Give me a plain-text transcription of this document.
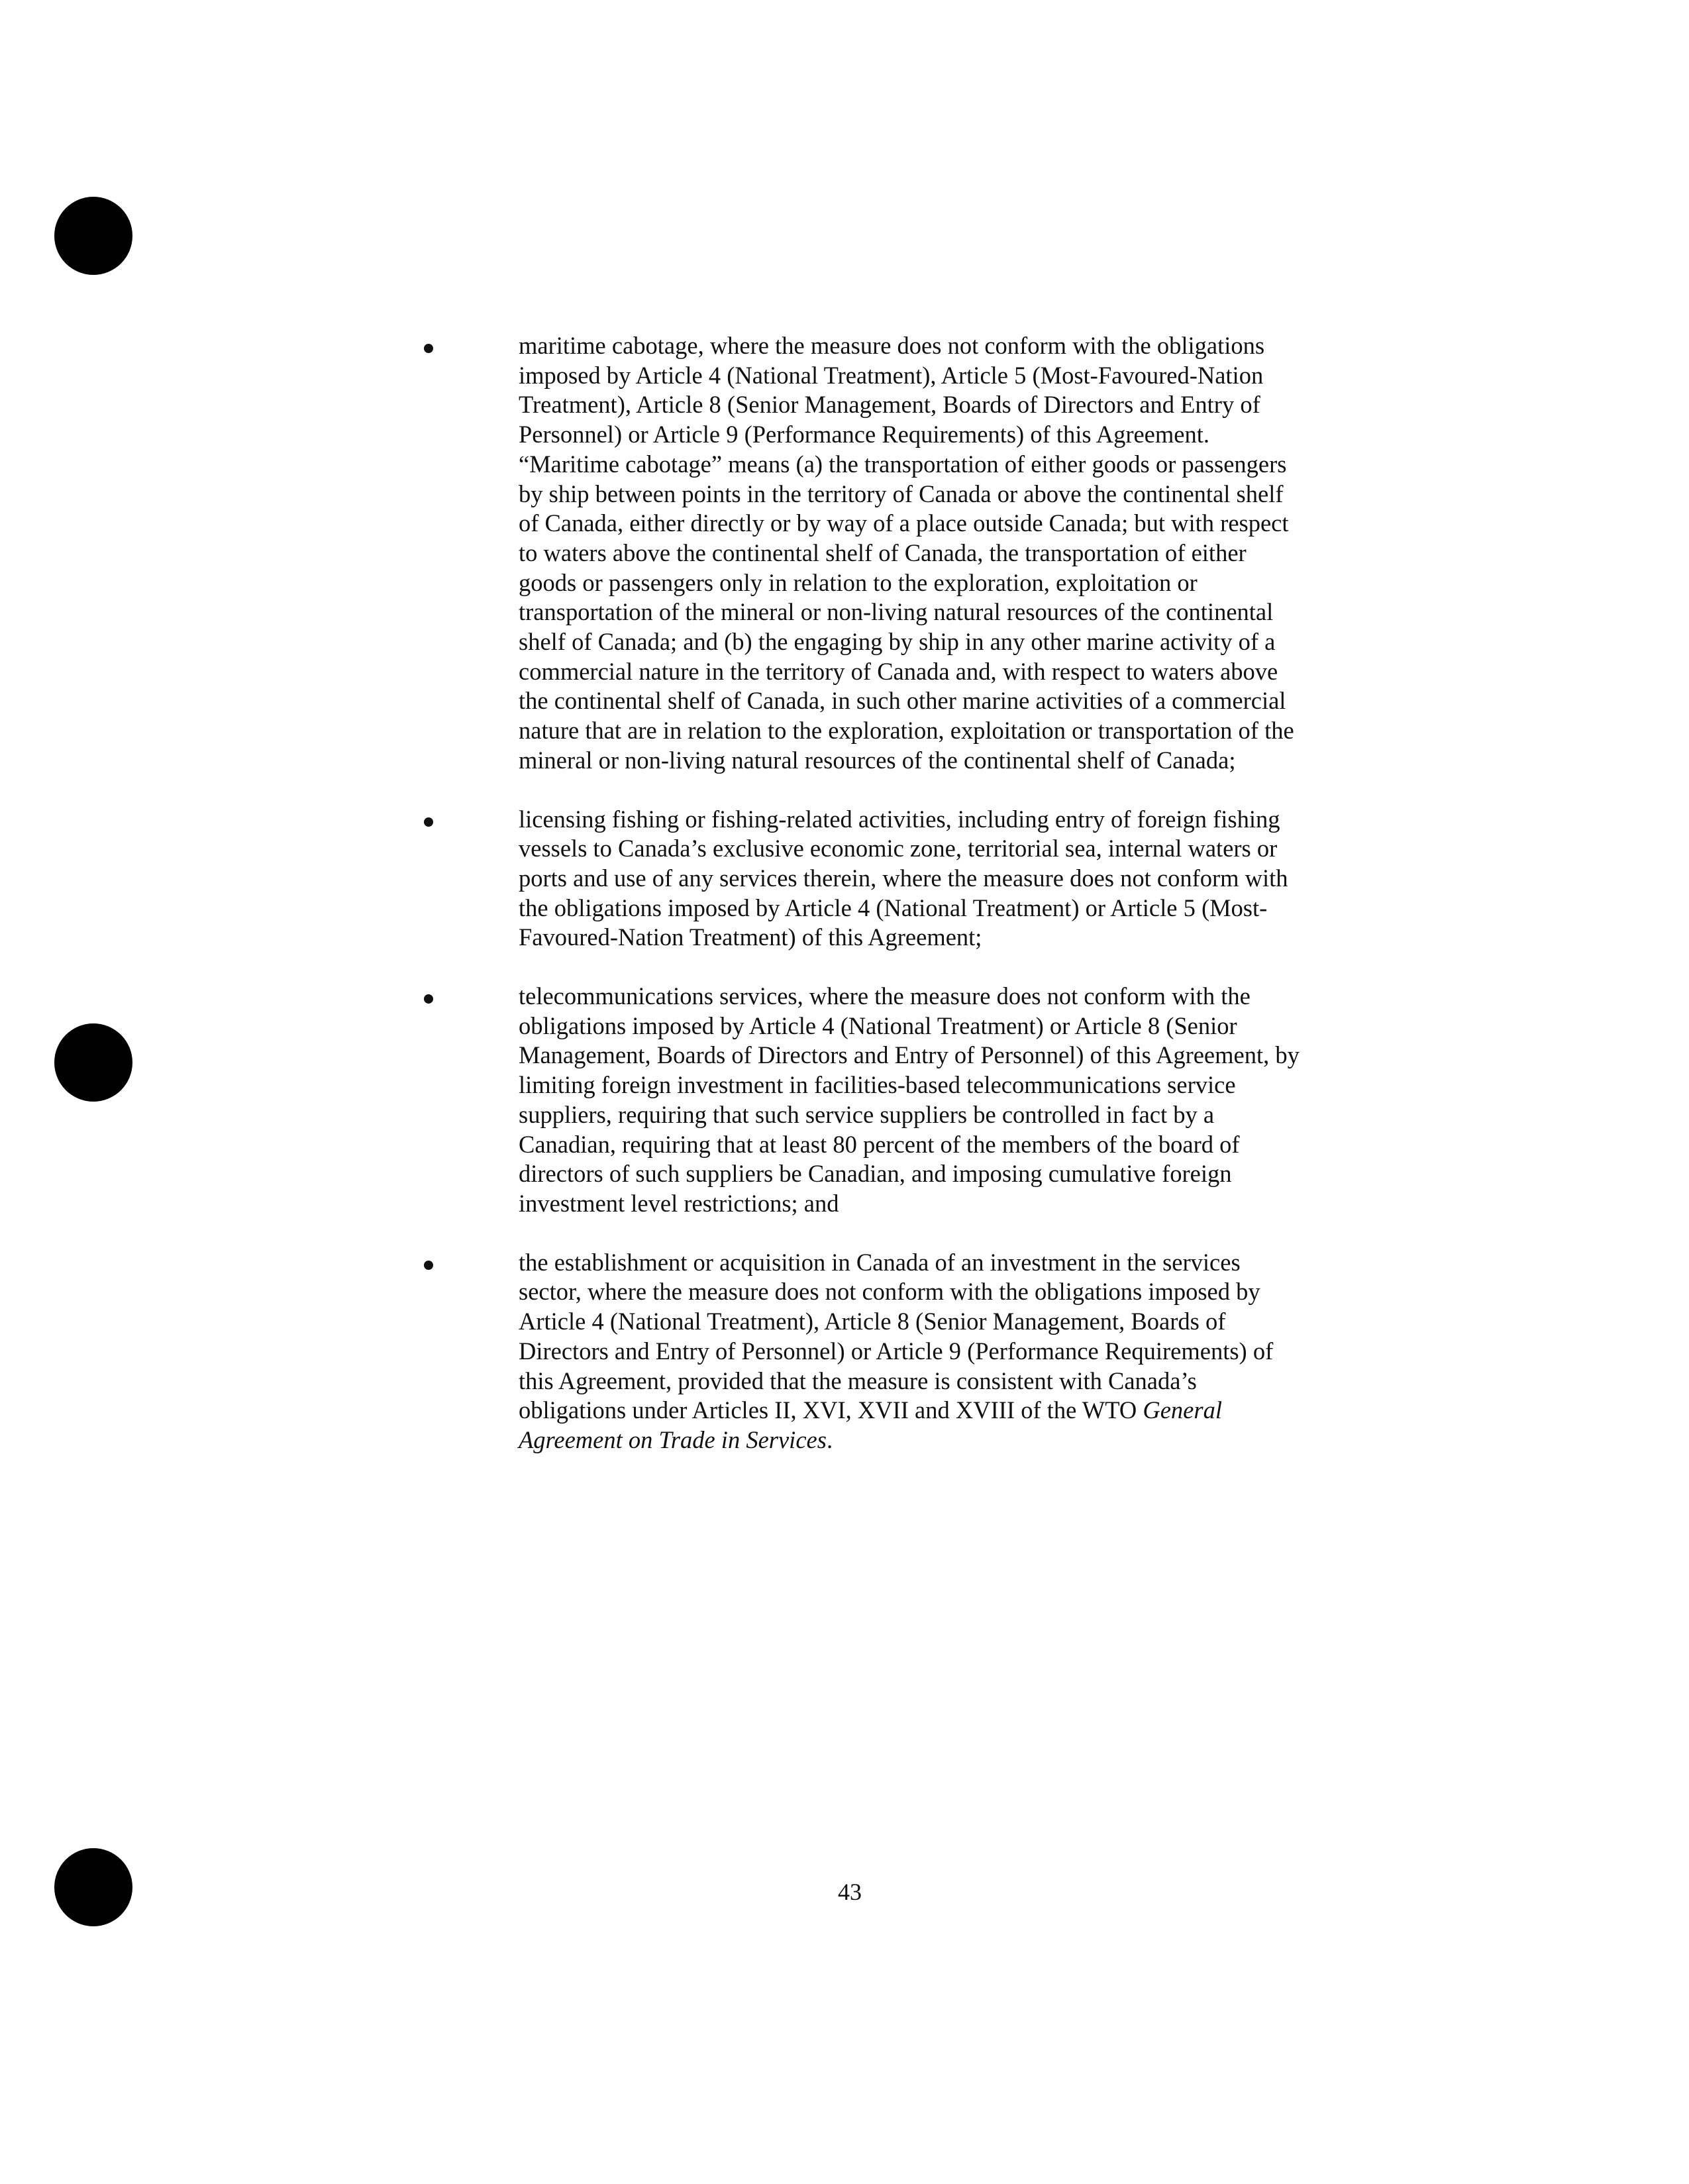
maritime cabotage, where the measure does not conform with the obligations
imposed by Article 4 (National Treatment), Article 5 (Most-Favoured-Nation
Treatment), Article 8 (Senior Management, Boards of Directors and Entry of
Personnel) or Article 9 (Performance Requirements) of this Agreement.
“Maritime cabotage” means (a) the transportation of either goods or passengers
by ship between points in the territory of Canada or above the continental shelf
of Canada, either directly or by way of a place outside Canada; but with respect
to waters above the continental shelf of Canada, the transportation of either
goods or passengers only in relation to the exploration, exploitation or
transportation of the mineral or non-living natural resources of the continental
shelf of Canada; and (b) the engaging by ship in any other marine activity of a
commercial nature in the territory of Canada and, with respect to waters above
the continental shelf of Canada, in such other marine activities of a commercial
nature that are in relation to the exploration, exploitation or transportation of the
mineral or non-living natural resources of the continental shelf of Canada;
licensing fishing or fishing-related activities, including entry of foreign fishing
vessels to Canada’s exclusive economic zone, territorial sea, internal waters or
ports and use of any services therein, where the measure does not conform with
the obligations imposed by Article 4 (National Treatment) or Article 5 (Most-
Favoured-Nation Treatment) of this Agreement;
telecommunications services, where the measure does not conform with the
obligations imposed by Article 4 (National Treatment) or Article 8 (Senior
Management, Boards of Directors and Entry of Personnel) of this Agreement, by
limiting foreign investment in facilities-based telecommunications service
suppliers, requiring that such service suppliers be controlled in fact by a
Canadian, requiring that at least 80 percent of the members of the board of
directors of such suppliers be Canadian, and imposing cumulative foreign
investment level restrictions; and
the establishment or acquisition in Canada of an investment in the services
sector, where the measure does not conform with the obligations imposed by
Article 4 (National Treatment), Article 8 (Senior Management, Boards of
Directors and Entry of Personnel) or Article 9 (Performance Requirements) of
this Agreement, provided that the measure is consistent with Canada’s
obligations under Articles II, XVI, XVII and XVIII of the WTO General
Agreement on Trade in Services.
43
